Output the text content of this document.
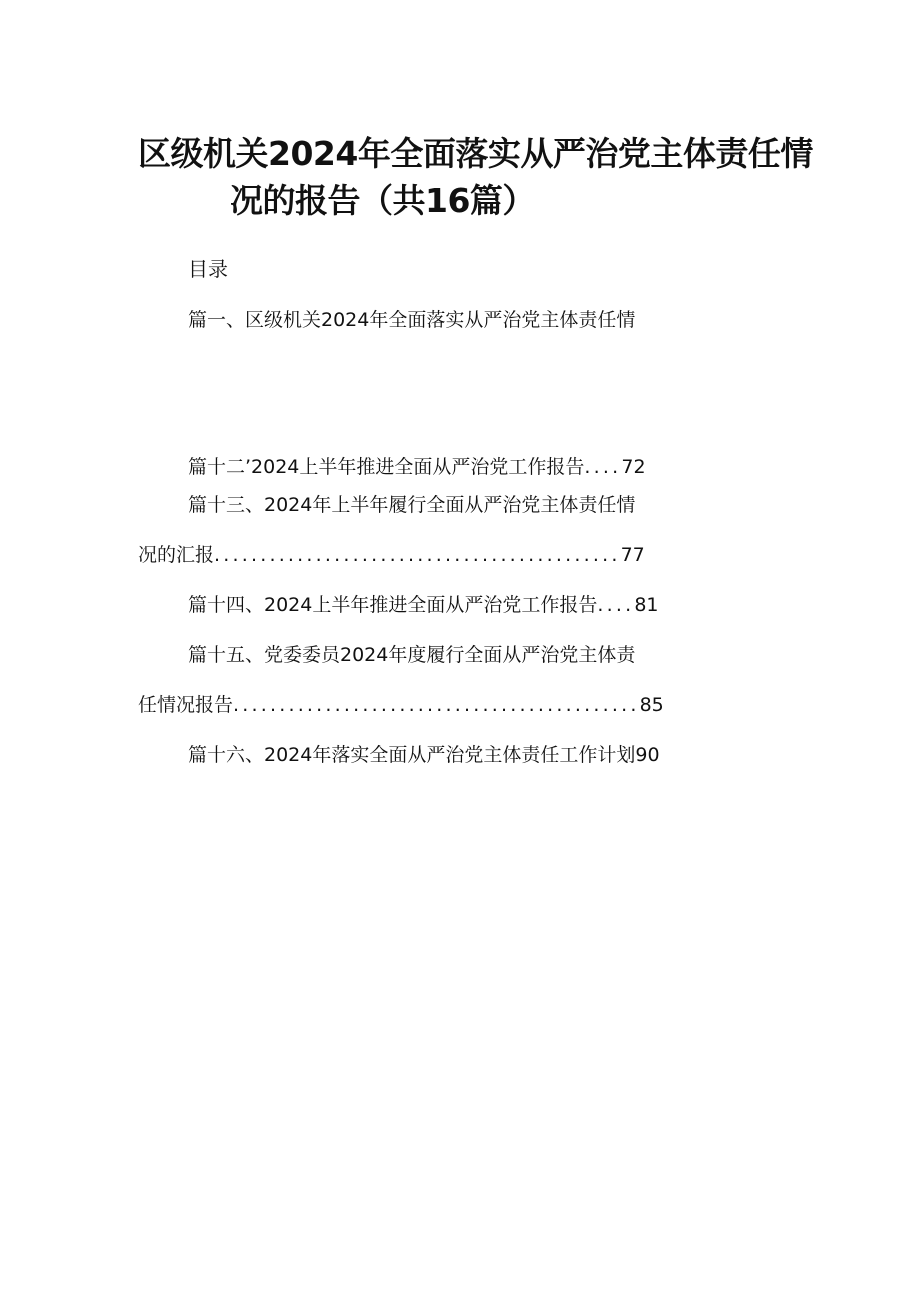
区级机关2024年全面落实从严治党主体责任情
况的报告（共16篇）
目录
篇一、区级机关2024年全面落实从严治党主体责任情
篇十二’2024上半年推进全面从严治党工作报告....72
篇十三、2024年上半年履行全面从严治党主体责任情
况的汇报............................................77
篇十四、2024上半年推进全面从严治党工作报告....81
篇十五、党委委员2024年度履行全面从严治党主体责
任情况报告............................................85
篇十六、2024年落实全面从严治党主体责任工作计划90
